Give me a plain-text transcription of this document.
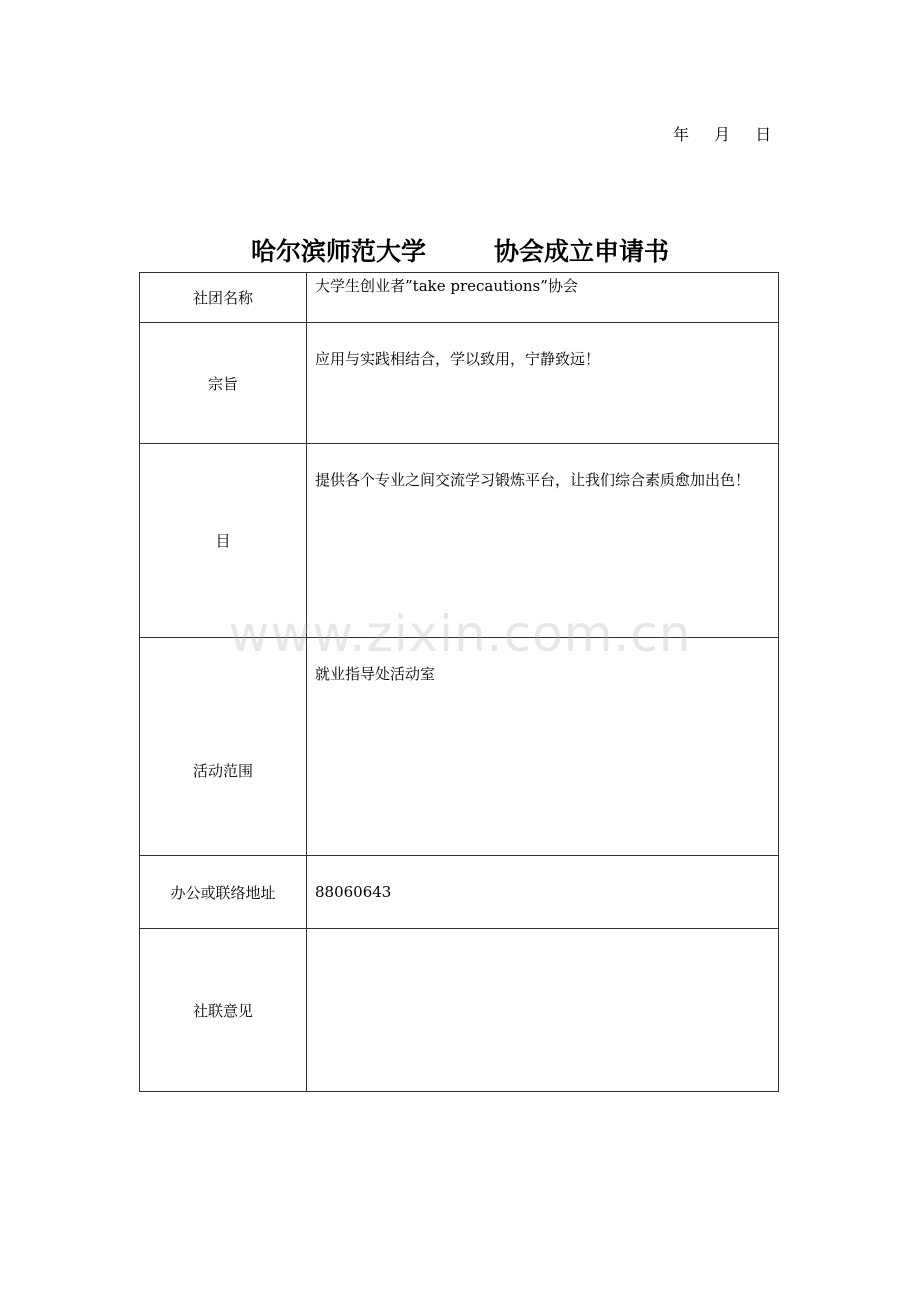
年 月 日
哈尔滨师范大学	协会成立申请书
社团名称	大学生创业者”take precautions”协会

宗旨	应用与实践相结合，学以致用，宁静致远！

目	提供各个专业之间交流学习锻炼平台，让我们综合素质愈加出色！

活动范围	就业指导处活动室

办公或联络地址	88060643

社联意见	
www.zixin.com.cn
